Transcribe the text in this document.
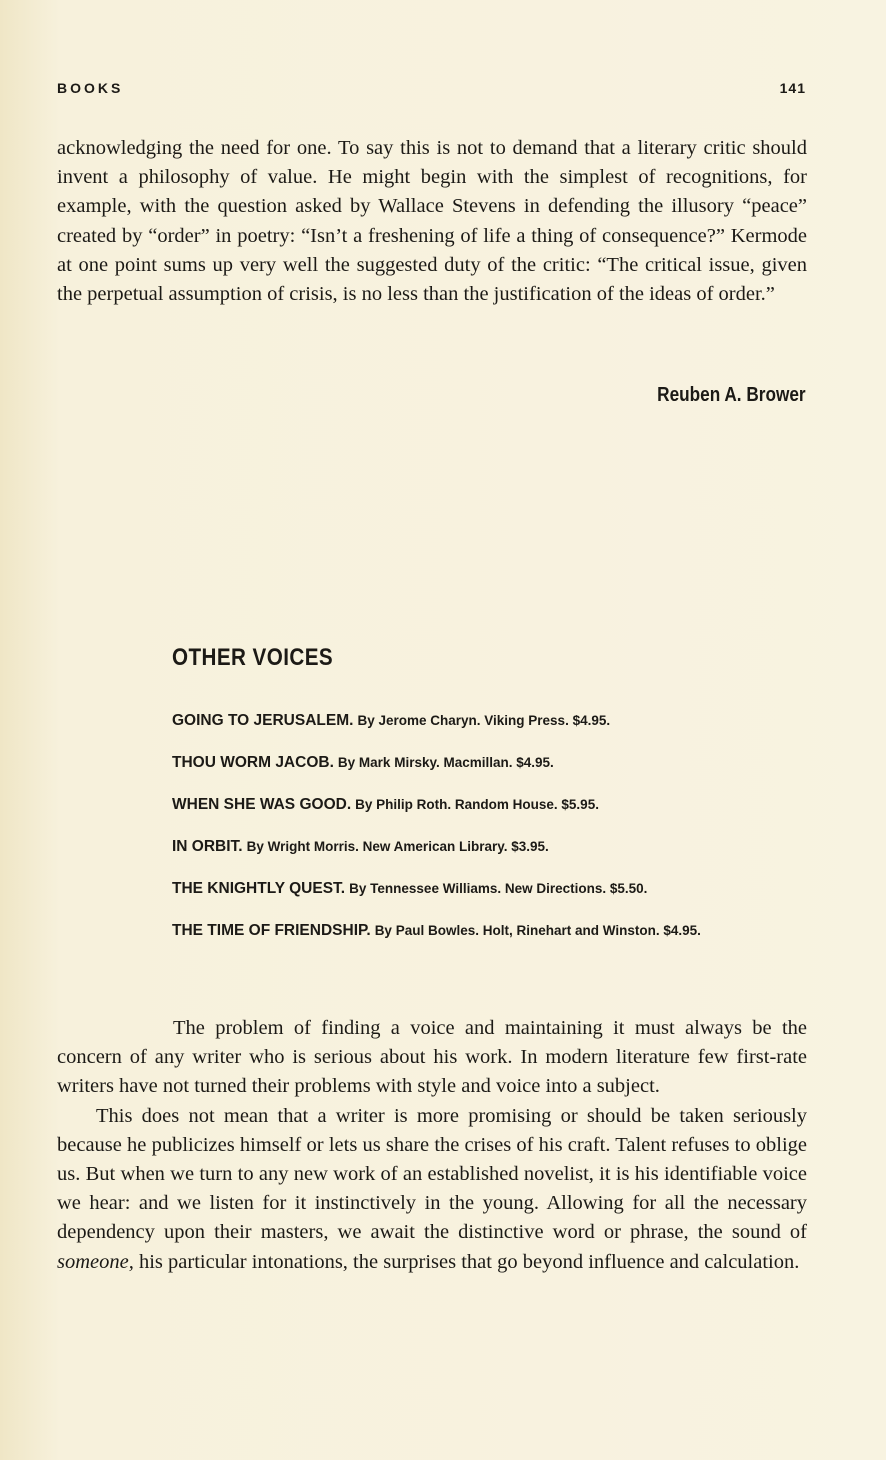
BOOKS	141

acknowledging the need for one. To say this is not to demand that a literary critic should invent a philosophy of value. He might begin with the simplest of recognitions, for example, with the question asked by Wallace Stevens in defending the illusory “peace” created by “order” in poetry: “Isn’t a freshening of life a thing of consequence?” Kermode at one point sums up very well the suggested duty of the critic: “The critical issue, given the perpetual assumption of crisis, is no less than the justification of the ideas of order.”

Reuben A. Brower
OTHER VOICES
GOING TO JERUSALEM. By Jerome Charyn. Viking Press. $4.95.
THOU WORM JACOB. By Mark Mirsky. Macmillan. $4.95.
WHEN SHE WAS GOOD. By Philip Roth. Random House. $5.95.
IN ORBIT. By Wright Morris. New American Library. $3.95.
THE KNIGHTLY QUEST. By Tennessee Williams. New Directions. $5.50.
THE TIME OF FRIENDSHIP. By Paul Bowles. Holt, Rinehart and Winston. $4.95.

The problem of finding a voice and maintaining it must always be the concern of any writer who is serious about his work. In modern literature few first-rate writers have not turned their problems with style and voice into a subject.

This does not mean that a writer is more promising or should be taken seriously because he publicizes himself or lets us share the crises of his craft. Talent refuses to oblige us. But when we turn to any new work of an established novelist, it is his identifiable voice we hear: and we listen for it instinctively in the young. Allowing for all the necessary dependency upon their masters, we await the distinctive word or phrase, the sound of someone, his particular intonations, the surprises that go beyond influence and calculation.
